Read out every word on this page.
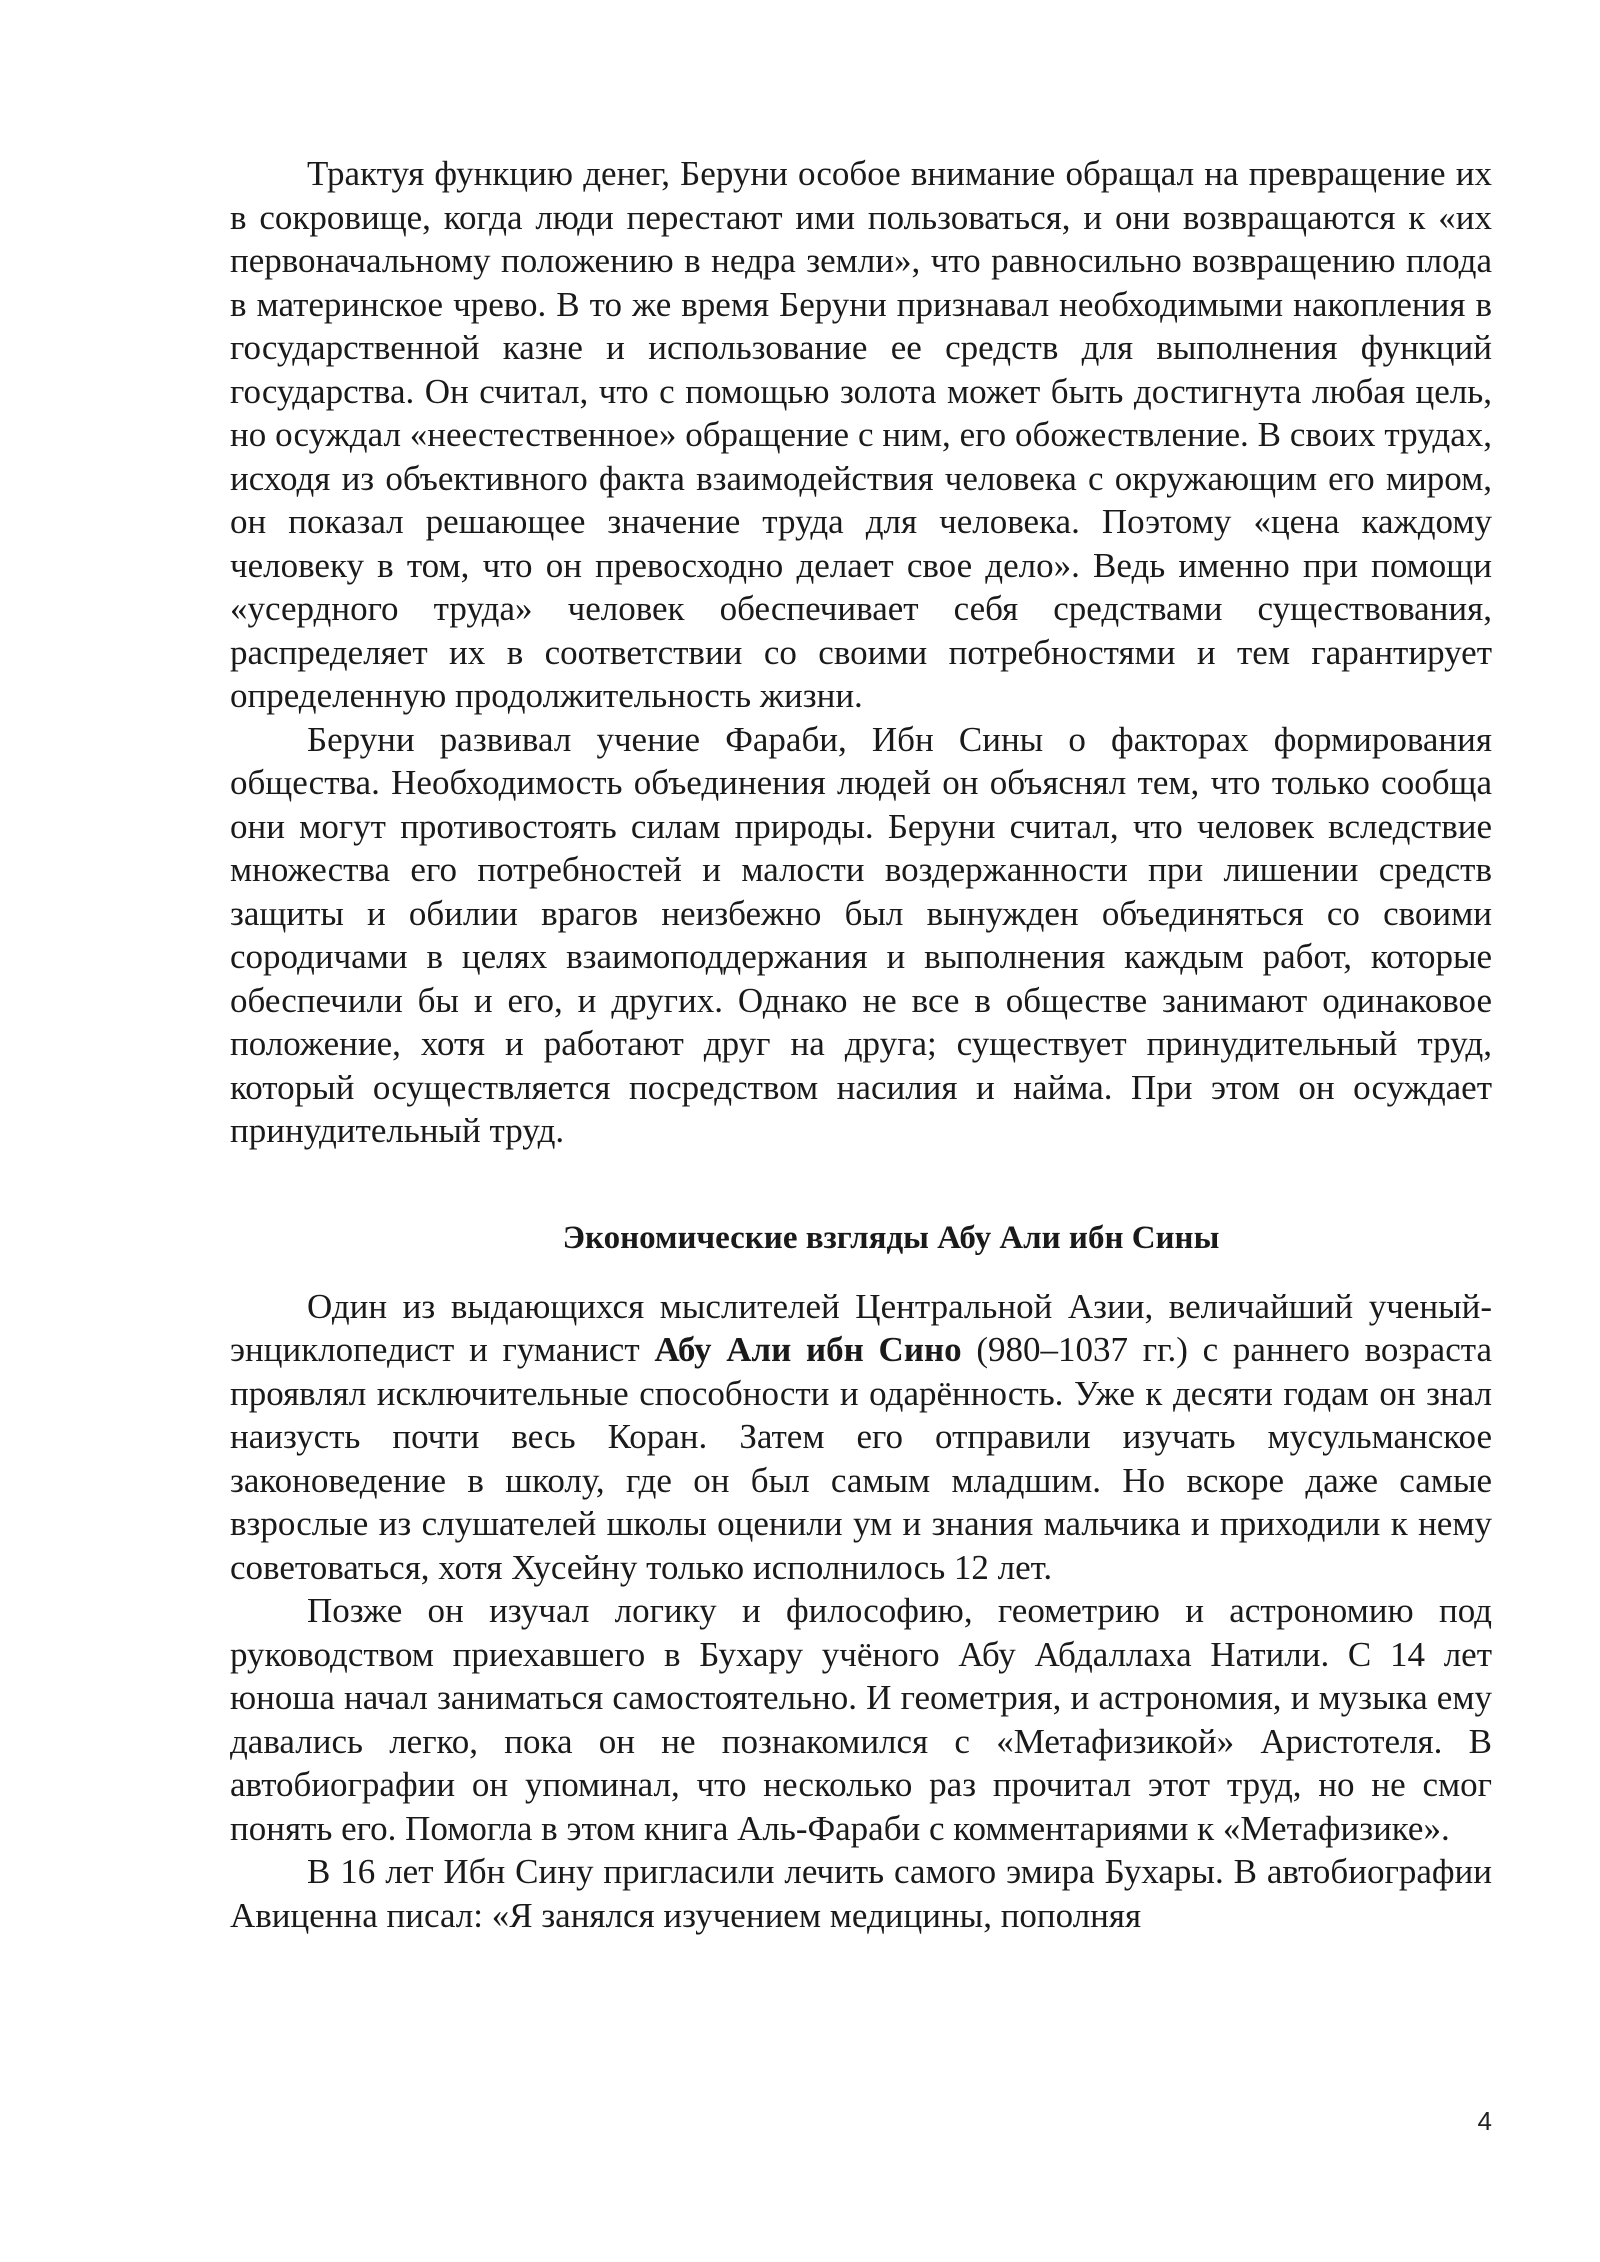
Трактуя функцию денег, Беруни особое внимание обращал на превращение их в сокровище, когда люди перестают ими пользоваться, и они возвращаются к «их первоначальному положению в недра земли», что равносильно возвращению плода в материнское чрево. В то же время Беруни признавал необходимыми накопления в государственной казне и использование ее средств для выполнения функций государства. Он считал, что с помощью золота может быть достигнута любая цель, но осуждал «неестественное» обращение с ним, его обожествление. В своих трудах, исходя из объективного факта взаимодействия человека с окружающим его миром, он показал решающее значение труда для человека. Поэтому «цена каждому человеку в том, что он превосходно делает свое дело». Ведь именно при помощи «усердного труда» человек обеспечивает себя средствами существования, распределяет их в соответствии со своими потребностями и тем гарантирует определенную продолжительность жизни.

Беруни развивал учение Фараби, Ибн Сины о факторах формирования общества. Необходимость объединения людей он объяснял тем, что только сообща они могут противостоять силам природы. Беруни считал, что человек вследствие множества его потребностей и малости воздержанности при лишении средств защиты и обилии врагов неизбежно был вынужден объединяться со своими сородичами в целях взаимоподдержания и выполнения каждым работ, которые обеспечили бы и его, и других. Однако не все в обществе занимают одинаковое положение, хотя и работают друг на друга; существует принудительный труд, который осуществляется посредством насилия и найма. При этом он осуждает принудительный труд.

Экономические взгляды Абу Али ибн Сины

Один из выдающихся мыслителей Центральной Азии, величайший ученый-энциклопедист и гуманист Абу Али ибн Сино (980–1037 гг.) с раннего возраста проявлял исключительные способности и одарённость. Уже к десяти годам он знал наизусть почти весь Коран. Затем его отправили изучать мусульманское законоведение в школу, где он был самым младшим. Но вскоре даже самые взрослые из слушателей школы оценили ум и знания мальчика и приходили к нему советоваться, хотя Хусейну только исполнилось 12 лет.

Позже он изучал логику и философию, геометрию и астрономию под руководством приехавшего в Бухару учёного Абу Абдаллаха Натили. С 14 лет юноша начал заниматься самостоятельно. И геометрия, и астрономия, и музыка ему давались легко, пока он не познакомился с «Метафизикой» Аристотеля. В автобиографии он упоминал, что несколько раз прочитал этот труд, но не смог понять его. Помогла в этом книга Аль-Фараби с комментариями к «Метафизике».

В 16 лет Ибн Сину пригласили лечить самого эмира Бухары. В автобиографии Авиценна писал: «Я занялся изучением медицины, пополняя

4
